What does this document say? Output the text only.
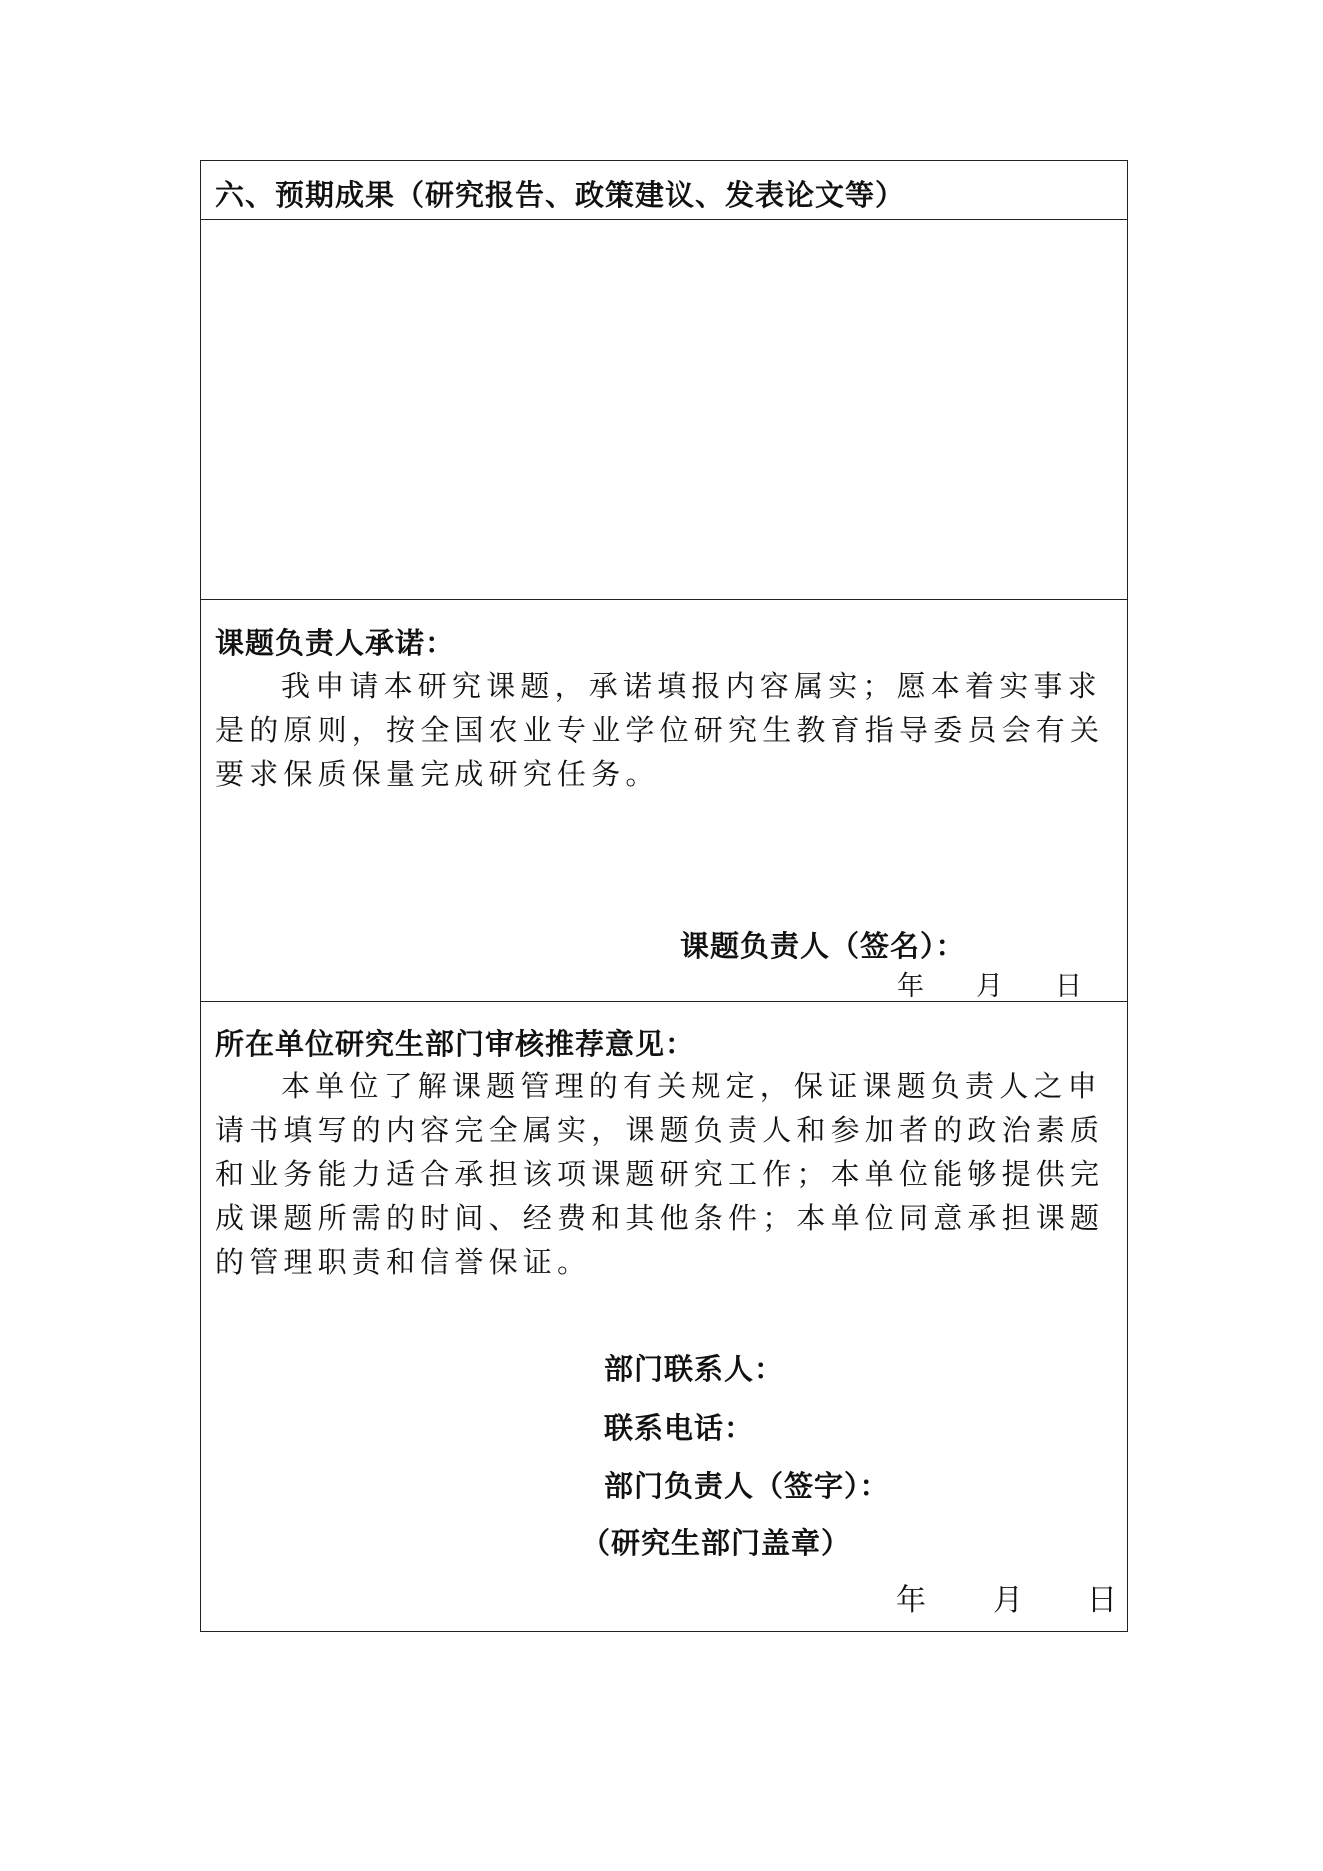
六、预期成果（研究报告、政策建议、发表论文等）
课题负责人承诺：

我申请本研究课题，承诺填报内容属实；愿本着实事求是的原则，按全国农业专业学位研究生教育指导委员会有关要求保质保量完成研究任务。

课题负责人（签名）：
年 月 日
所在单位研究生部门审核推荐意见：

本单位了解课题管理的有关规定，保证课题负责人之申请书填写的内容完全属实，课题负责人和参加者的政治素质和业务能力适合承担该项课题研究工作；本单位能够提供完成课题所需的时间、经费和其他条件；本单位同意承担课题的管理职责和信誉保证。

部门联系人：
联系电话：
部门负责人（签字）：
（研究生部门盖章）
年 月 日
